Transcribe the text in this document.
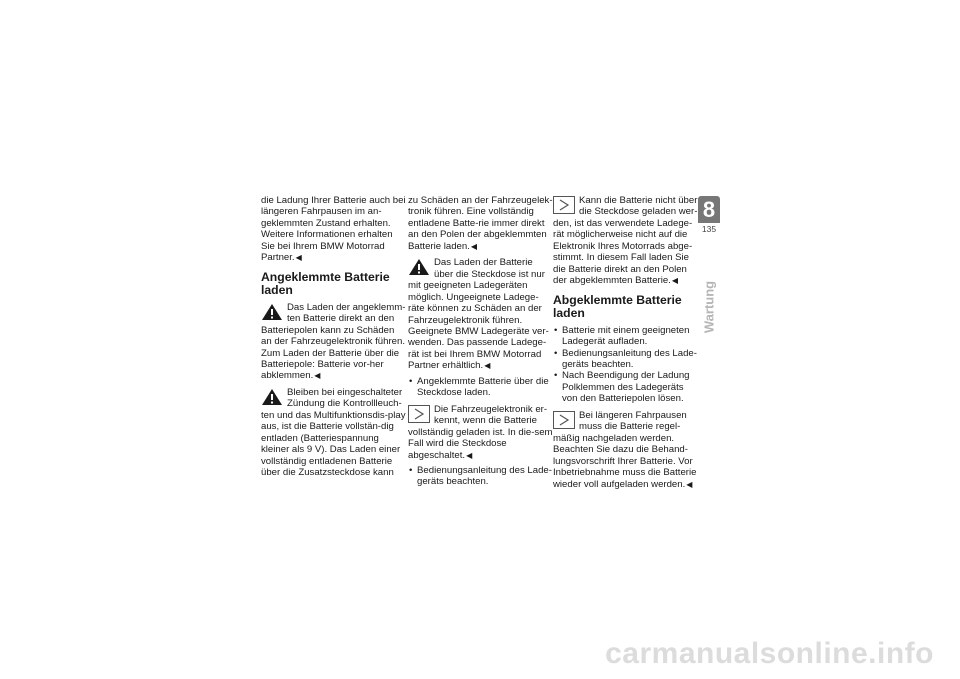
die Ladung Ihrer Batterie auch bei längeren Fahrpausen im an-geklemmten Zustand erhalten. Weitere Informationen erhalten Sie bei Ihrem BMW Motorrad Partner.◀

Angeklemmte Batterie laden
Das Laden der angeklemm-ten Batterie direkt an den Batteriepolen kann zu Schäden an der Fahrzeugelektronik führen. Zum Laden der Batterie über die Batteriepole: Batterie vor-her abklemmen.◀
Bleiben bei eingeschalteter Zündung die Kontrollleuch-ten und das Multifunktionsdis-play aus, ist die Batterie vollstän-dig entladen (Batteriespannung kleiner als 9 V). Das Laden einer vollständig entladenen Batterie über die Zusatzsteckdose kann

zu Schäden an der Fahrzeugelek-tronik führen. Eine vollständig entladene Batte-rie immer direkt an den Polen der abgeklemmten Batterie laden.◀

Das Laden der Batterie über die Steckdose ist nur mit geeigneten Ladegeräten möglich. Ungeeignete Ladege-räte können zu Schäden an der Fahrzeugelektronik führen. Geeignete BMW Ladegeräte ver-wenden. Das passende Ladege-rät ist bei Ihrem BMW Motorrad Partner erhältlich.◀
• Angeklemmte Batterie über die Steckdose laden.
Die Fahrzeugelektronik er-kennt, wenn die Batterie vollständig geladen ist. In die-sem Fall wird die Steckdose abgeschaltet.◀
• Bedienungsanleitung des Lade-geräts beachten.
Kann die Batterie nicht über die Steckdose geladen wer-den, ist das verwendete Ladege-rät möglicherweise nicht auf die Elektronik Ihres Motorrads abge-stimmt. In diesem Fall laden Sie die Batterie direkt an den Polen der abgeklemmten Batterie.◀
Abgeklemmte Batterie laden
• Batterie mit einem geeigneten Ladegerät aufladen.
• Bedienungsanleitung des Lade-geräts beachten.
• Nach Beendigung der Ladung Polklemmen des Ladegeräts von den Batteriepolen lösen.
Bei längeren Fahrpausen muss die Batterie regel-mäßig nachgeladen werden. Beachten Sie dazu die Behand-lungsvorschrift Ihrer Batterie. Vor Inbetriebnahme muss die Batterie wieder voll aufgeladen werden.◀
8
135
Wartung
carmanualsonline.info
